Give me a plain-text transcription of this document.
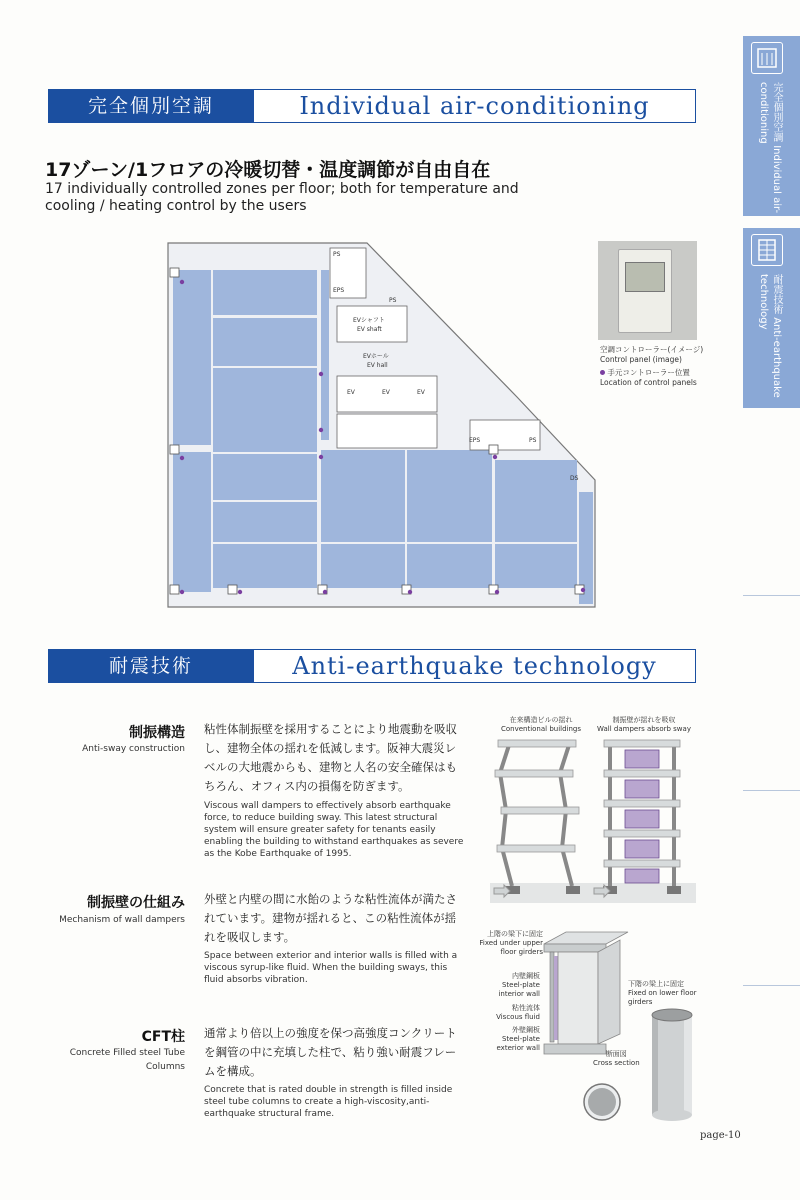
完全個別空調 Individual air-conditioning
耐震技術 Anti-earthquake technology
完全個別空調	Individual air-conditioning
17ゾーン/1フロアの冷暖切替・温度調節が自由自在
17 individually controlled zones per floor; both for temperature and cooling / heating control by the users
PS
EPS
PS
EVシャフト
EV shaft
EVホール
EV hall
EV	EV	EV
EPS	PS
DS
空調コントローラー(イメージ)
Control panel (image)
手元コントローラー位置
Location of control panels
耐震技術	Anti-earthquake technology
制振構造
Anti-sway construction
粘性体制振壁を採用することにより地震動を吸収し、建物全体の揺れを低減します。阪神大震災レベルの大地震からも、建物と人名の安全確保はもちろん、オフィス内の損傷を防ぎます。
Viscous wall dampers to effectively absorb earthquake force, to reduce building sway. This latest structural system will ensure greater safety for tenants easily enabling the building to withstand earthquakes as severe as the Kobe Earthquake of 1995.
制振壁の仕組み
Mechanism of wall dampers
外壁と内壁の間に水飴のような粘性流体が満たされています。建物が揺れると、この粘性流体が揺れを吸収します。
Space between exterior and interior walls is filled with a viscous syrup-like fluid. When the building sways, this fluid absorbs vibration.
CFT柱
Concrete Filled steel Tube Columns
通常より倍以上の強度を保つ高強度コンクリートを鋼管の中に充填した柱で、粘り強い耐震フレームを構成。
Concrete that is rated double in strength is filled inside steel tube columns to create a high-viscosity,anti-earthquake structural frame.
在来構造ビルの揺れ
Conventional buildings
制振壁が揺れを吸収
Wall dampers absorb sway
上階の梁下に固定
Fixed under upper floor girders
内壁鋼板
Steel-plate interior wall
粘性流体
Viscous fluid
外壁鋼板
Steel-plate exterior wall
下階の梁上に固定
Fixed on lower floor girders
断面図
Cross section
page-10
